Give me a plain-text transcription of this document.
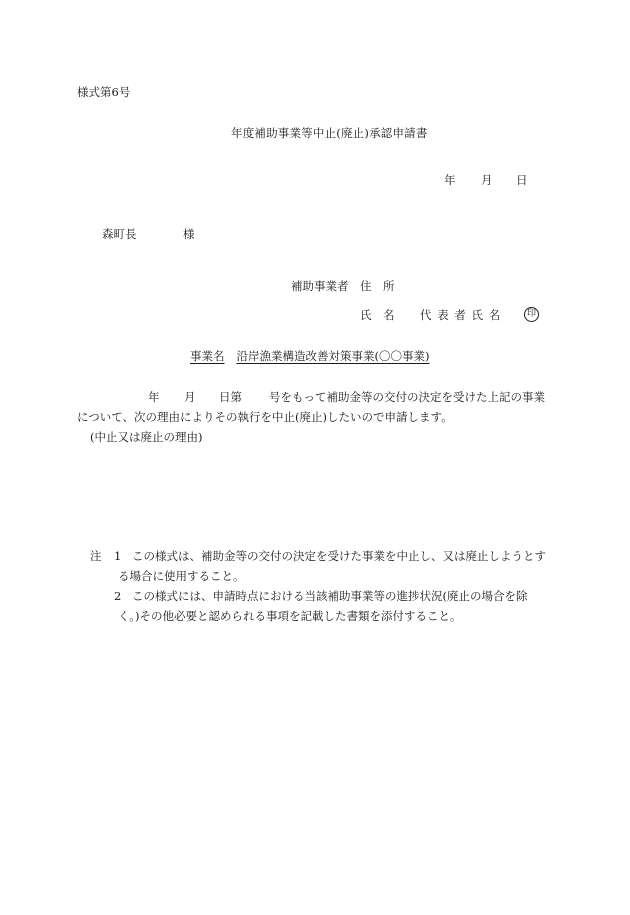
様式第6号
年度補助事業等中止(廃止)承認申請書
年 月 日
森町長	様
補助事業者 住　所
氏　名 代 表 者 氏 名	印
事業名 沿岸漁業構造改善対策事業(〇〇事業)
年 月 日第 号をもって補助金等の交付の決定を受けた上記の事業
について、次の理由によりその執行を中止(廃止)したいので申請します。
(中止又は廃止の理由)
注 1 この様式は、補助金等の交付の決定を受けた事業を中止し、又は廃止しようとす
る場合に使用すること。
2 この様式には、申請時点における当該補助事業等の進捗状況(廃止の場合を除
く。)その他必要と認められる事項を記載した書類を添付すること。
